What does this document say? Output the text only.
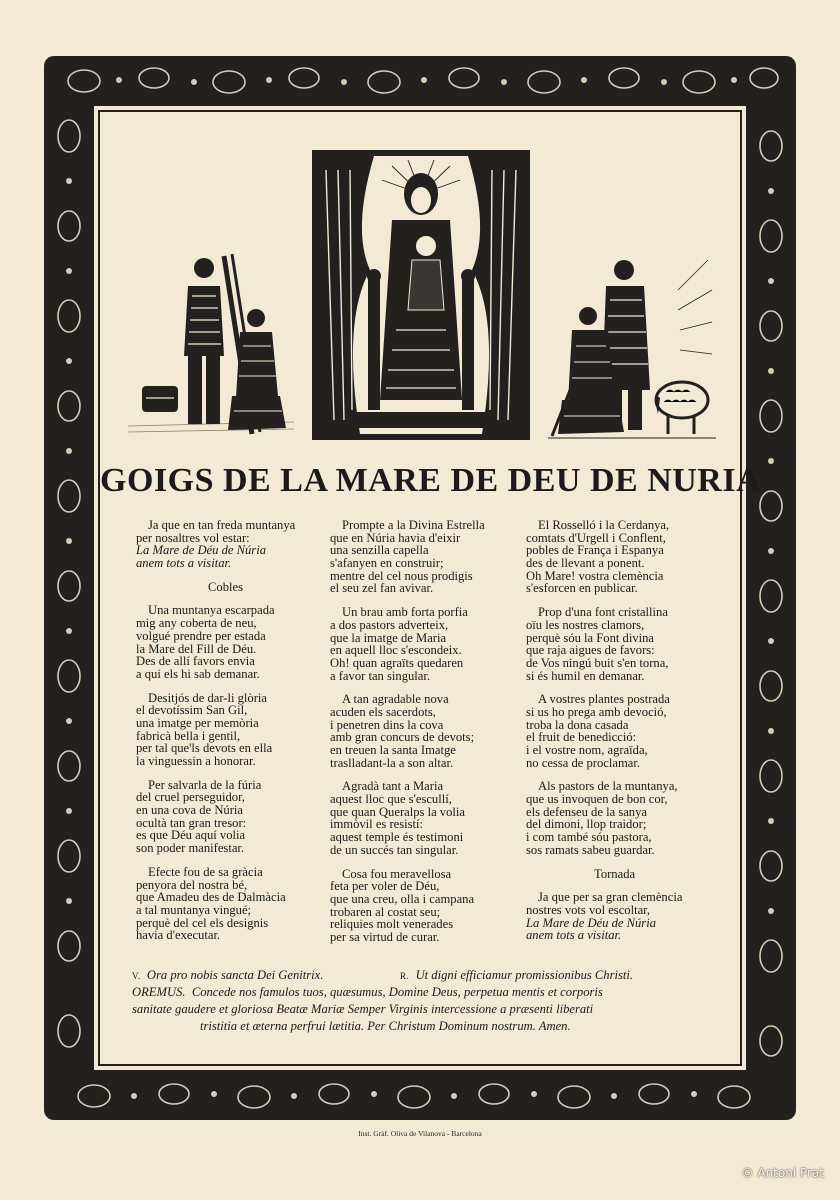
R.
GOIGS DE LA MARE DE DEU DE NURIA
Ja que en tan freda muntanya
per nosaltres vol estar:
La Mare de Déu de Núria
anem tots a visitar.
Cobles
Una muntanya escarpada
mig any coberta de neu,
volgué prendre per estada
la Mare del Fill de Déu.
Des de allí favors envia
a qui els hi sab demanar.
Desitjós de dar-li glòria
el devotíssim San Gil,
una imatge per memòria
fabricà bella i gentil,
per tal que'ls devots en ella
la vinguessin a honorar.
Per salvarla de la fúria
del cruel perseguidor,
en una cova de Núria
ocultà tan gran tresor:
es que Déu aquí volia
son poder manifestar.
Efecte fou de sa gràcia
penyora del nostra bé,
que Amadeu des de Dalmàcia
a tal muntanya vingué;
perquè del cel els designis
havia d'executar.
Prompte a la Divina Estrella
que en Núria havia d'eixir
una senzilla capella
s'afanyen en construir;
mentre del cel nous prodigis
el seu zel fan avivar.
Un brau amb forta porfia
a dos pastors adverteix,
que la imatge de Maria
en aquell lloc s'escondeix.
Oh! quan agraïts quedaren
a favor tan singular.
A tan agradable nova
acuden els sacerdots,
i penetren dins la cova
amb gran concurs de devots;
en treuen la santa Imatge
traslladant-la a son altar.
Agradà tant a Maria
aquest lloc que s'escullí,
que quan Queralps la volia
immòvil es resistí:
aquest temple és testimoni
de un succés tan singular.
Cosa fou meravellosa
feta per voler de Déu,
que una creu, olla i campana
trobaren al costat seu;
reliquies molt venerades
per sa virtud de curar.
El Rosselló i la Cerdanya,
comtats d'Urgell i Conflent,
pobles de França i Espanya
des de llevant a ponent.
Oh Mare! vostra clemència
s'esforcen en publicar.
Prop d'una font cristallina
oïu les nostres clamors,
perquè sóu la Font divina
que raja aigues de favors:
de Vos ningú buit s'en torna,
si és humil en demanar.
A vostres plantes postrada
si us ho prega amb devoció,
troba la dona casada
el fruit de benedicció:
i el vostre nom, agraïda,
no cessa de proclamar.
Als pastors de la muntanya,
que us invoquen de bon cor,
els defenseu de la sanya
del dimoni, llop traidor;
i com també sóu pastora,
sos ramats sabeu guardar.
Tornada
Ja que per sa gran clemència
nostres vots vol escoltar,
La Mare de Déu de Núria
anem tots a visitar.
V. Ora pro nobis sancta Dei Genitrix.	R. Ut digni efficiamur promissionibus Christi.
OREMUS. Concede nos famulos tuos, quæsumus, Domine Deus, perpetua mentis et corporis
sanitate gaudere et gloriosa Beatæ Mariæ Semper Virginis intercessione a præsenti liberati
tristitia et æterna perfrui lætitia. Per Christum Dominum nostrum. Amen.
Inst. Gràf. Oliva de Vilanova - Barcelona
© Antoni Prat
